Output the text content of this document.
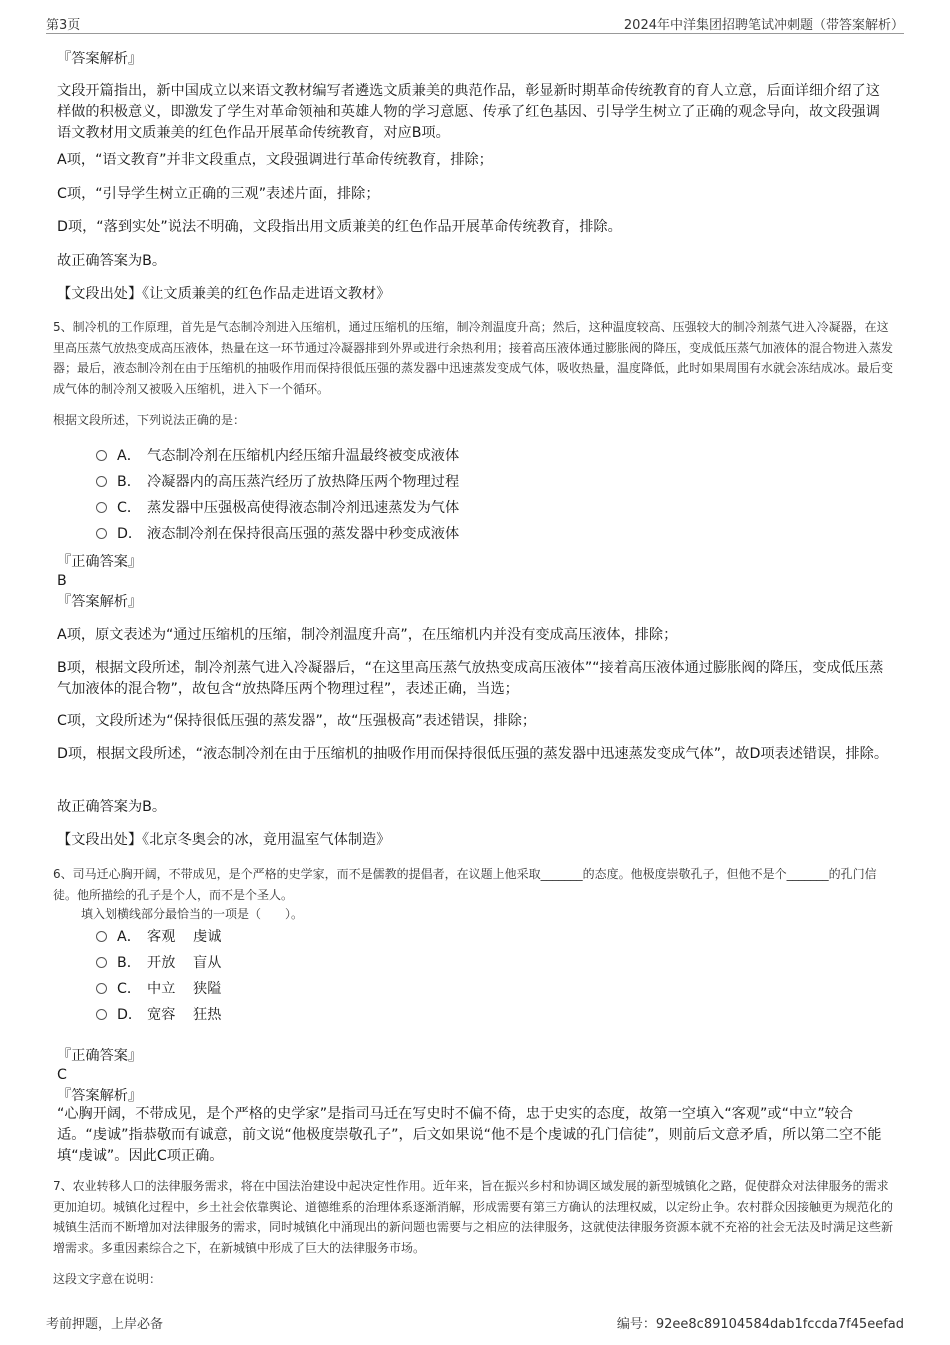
第3页	2024年中洋集团招聘笔试冲刺题（带答案解析）
『答案解析』
文段开篇指出，新中国成立以来语文教材编写者遴选文质兼美的典范作品，彰显新时期革命传统教育的育人立意，后面详细介绍了这样做的积极意义，即激发了学生对革命领袖和英雄人物的学习意愿、传承了红色基因、引导学生树立了正确的观念导向，故文段强调语文教材用文质兼美的红色作品开展革命传统教育，对应B项。
A项，“语文教育”并非文段重点，文段强调进行革命传统教育，排除；
C项，“引导学生树立正确的三观”表述片面，排除；
D项，“落到实处”说法不明确，文段指出用文质兼美的红色作品开展革命传统教育，排除。
故正确答案为B。
【文段出处】《让文质兼美的红色作品走进语文教材》
5、制冷机的工作原理，首先是气态制冷剂进入压缩机，通过压缩机的压缩，制冷剂温度升高；然后，这种温度较高、压强较大的制冷剂蒸气进入冷凝器，在这里高压蒸气放热变成高压液体，热量在这一环节通过冷凝器排到外界或进行余热利用；接着高压液体通过膨胀阀的降压，变成低压蒸气加液体的混合物进入蒸发器；最后，液态制冷剂在由于压缩机的抽吸作用而保持很低压强的蒸发器中迅速蒸发变成气体，吸收热量，温度降低，此时如果周围有水就会冻结成冰。最后变成气体的制冷剂又被吸入压缩机，进入下一个循环。
根据文段所述，下列说法正确的是：
A． 气态制冷剂在压缩机内经压缩升温最终被变成液体
B． 冷凝器内的高压蒸汽经历了放热降压两个物理过程
C． 蒸发器中压强极高使得液态制冷剂迅速蒸发为气体
D． 液态制冷剂在保持很高压强的蒸发器中秒变成液体
『正确答案』
B
『答案解析』
A项，原文表述为“通过压缩机的压缩，制冷剂温度升高”，在压缩机内并没有变成高压液体，排除；
B项，根据文段所述，制冷剂蒸气进入冷凝器后，“在这里高压蒸气放热变成高压液体”“接着高压液体通过膨胀阀的降压，变成低压蒸气加液体的混合物”，故包含“放热降压两个物理过程”，表述正确，当选；
C项，文段所述为“保持很低压强的蒸发器”，故“压强极高”表述错误，排除；
D项，根据文段所述，“液态制冷剂在由于压缩机的抽吸作用而保持很低压强的蒸发器中迅速蒸发变成气体”，故D项表述错误，排除。
故正确答案为B。
【文段出处】《北京冬奥会的冰，竟用温室气体制造》
6、司马迁心胸开阔，不带成见，是个严格的史学家，而不是儒教的提倡者，在议题上他采取_______的态度。他极度崇敬孔子，但他不是个_______的孔门信徒。他所描绘的孔子是个人，而不是个圣人。
填入划横线部分最恰当的一项是（　　）。
A． 客观 虔诚
B． 开放 盲从
C． 中立 狭隘
D． 宽容 狂热
『正确答案』
C
『答案解析』
“心胸开阔，不带成见，是个严格的史学家”是指司马迁在写史时不偏不倚，忠于史实的态度，故第一空填入“客观”或“中立”较合适。“虔诚”指恭敬而有诚意，前文说“他极度崇敬孔子”，后文如果说“他不是个虔诚的孔门信徒”，则前后文意矛盾，所以第二空不能填“虔诚”。因此C项正确。
7、农业转移人口的法律服务需求，将在中国法治建设中起决定性作用。近年来，旨在振兴乡村和协调区域发展的新型城镇化之路，促使群众对法律服务的需求更加迫切。城镇化过程中，乡土社会依靠舆论、道德维系的治理体系逐渐消解，形成需要有第三方确认的法理权威，以定纷止争。农村群众因接触更为规范化的城镇生活而不断增加对法律服务的需求，同时城镇化中涌现出的新问题也需要与之相应的法律服务，这就使法律服务资源本就不充裕的社会无法及时满足这些新增需求。多重因素综合之下，在新城镇中形成了巨大的法律服务市场。
这段文字意在说明：
考前押题，上岸必备	编号：92ee8c89104584dab1fccda7f45eefad
